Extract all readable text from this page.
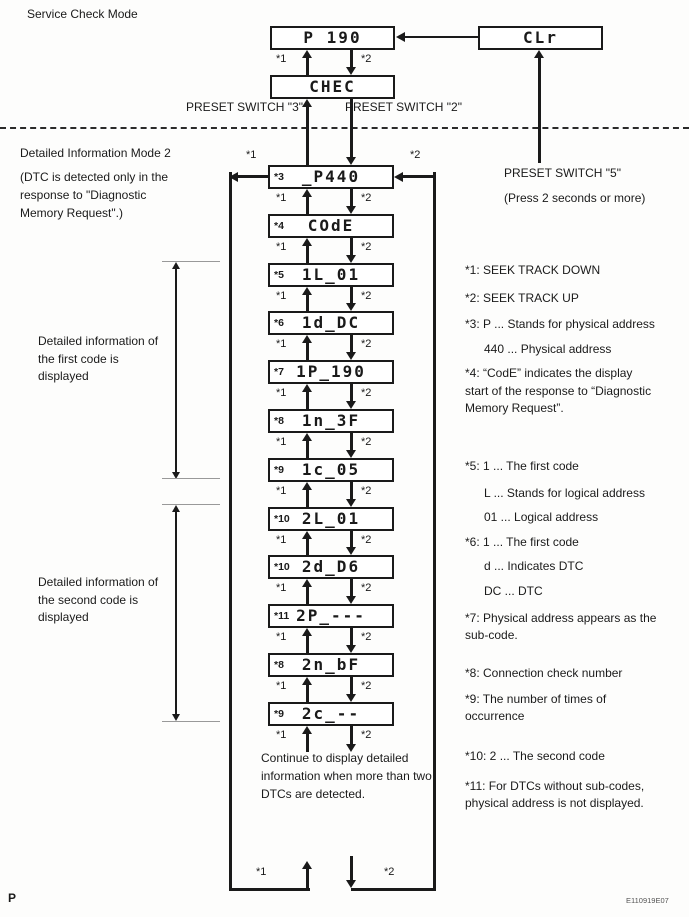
Service Check Mode
Detailed Information Mode 2
(DTC is detected only in the
response to "Diagnostic
Memory Request".)
P 190	CLr
*1	*2
CHEC
PRESET SWITCH "3"	PRESET SWITCH "2"
PRESET SWITCH "5"
(Press 2 seconds or more)
*1	*2
*1	*2
*3	_P440
*1	*2
*4	COdE
*1	*2
*5	1L_01
*1	*2
*6	1d_DC
*1	*2
*7 1P_190
*1	*2
*8	1n_3F
*1	*2
*9	1c_05
*1	*2
*10 2L_01
*1	*2
*10 2d_D6
*1	*2
*11 2P_---
*1	*2
*8	2n_bF
*1	*2
*9	2c_--
*1	*2
Continue to display detailed
information when more than two
DTCs are detected.
Detailed information of
the first code is
displayed
Detailed information of
the second code is
displayed
*1: SEEK TRACK DOWN
*2: SEEK TRACK UP
*3: P ... Stands for physical address
440 ... Physical address
*4: “CodE” indicates the display
start of the response to “Diagnostic
Memory Request”.
*5: 1 ... The first code
L ... Stands for logical address
01 ... Logical address
*6: 1 ... The first code
d ... Indicates DTC
DC ... DTC
*7: Physical address appears as the
sub-code.
*8: Connection check number
*9: The number of times of
occurrence
*10: 2 ... The second code
*11: For DTCs without sub-codes,
physical address is not displayed.
P	E110919E07
